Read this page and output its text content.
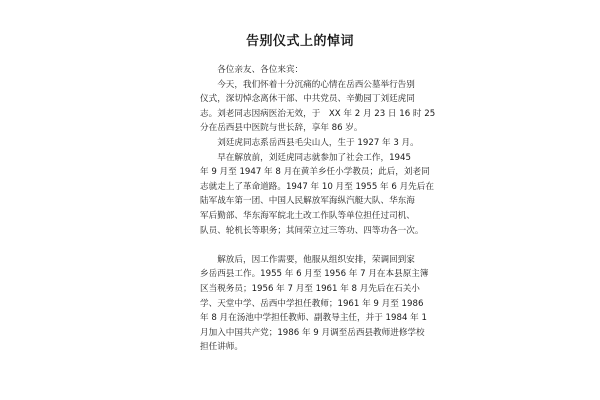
告别仪式上的悼词
　　各位亲友、各位来宾：
　　今天，我们怀着十分沉痛的心情在岳西公墓举行告别
仪式，深切悼念离休干部、中共党员、辛勤园丁刘廷虎同
志。刘老同志因病医治无效，于　XX 年 2 月 23 日 16 时 25
分在岳西县中医院与世长辞，享年 86 岁。
　　刘廷虎同志系岳西县毛尖山人，生于 1927 年 3 月。
　　早在解放前，刘廷虎同志就参加了社会工作，1945
年 9 月至 1947 年 8 月在黄羊乡任小学教员；此后，刘老同
志就走上了革命道路。1947 年 10 月至 1955 年 6 月先后在
陆军战车第一团、中国人民解放军海纵汽艇大队、华东海
军后勤部、华东海军皖北土改工作队等单位担任过司机、
队员、轮机长等职务；其间荣立过三等功、四等功各一次。
　　解放后，因工作需要，他服从组织安排，荣调回到家
乡岳西县工作。1955 年 6 月至 1956 年 7 月在本县原主簿
区当税务员；1956 年 7 月至 1961 年 8 月先后在石关小
学、天堂中学、岳西中学担任教师；1961 年 9 月至 1986
年 8 月在汤池中学担任教师、副教导主任，并于 1984 年 1
月加入中国共产党；1986 年 9 月调至岳西县教师进修学校
担任讲师。
